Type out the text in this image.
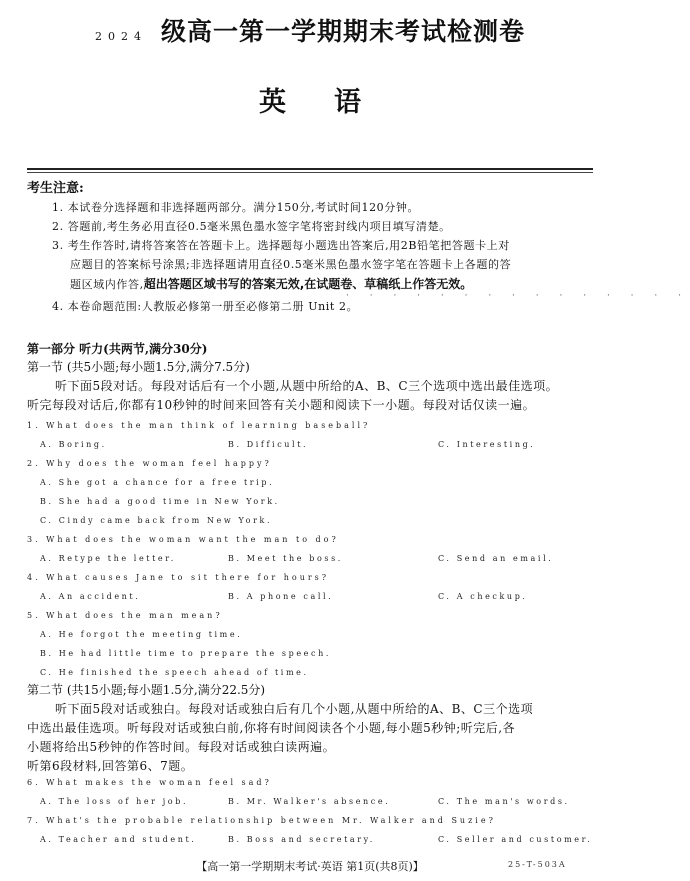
2024 级高一第一学期期末考试检测卷
英语
考生注意:
1. 本试卷分选择题和非选择题两部分。满分150分,考试时间120分钟。
2. 答题前,考生务必用直径0.5毫米黑色墨水签字笔将密封线内项目填写清楚。
3. 考生作答时,请将答案答在答题卡上。选择题每小题选出答案后,用2B铅笔把答题卡上对
应题目的答案标号涂黑;非选择题请用直径0.5毫米黑色墨水签字笔在答题卡上各题的答
题区域内作答,超出答题区域书写的答案无效,在试题卷、草稿纸上作答无效。
4. 本卷命题范围:人教版必修第一册至必修第二册 Unit 2。
· · · · · · · · · · · · · · ·
第一部分 听力(共两节,满分30分)
第一节 (共5小题;每小题1.5分,满分7.5分)
听下面5段对话。每段对话后有一个小题,从题中所给的A、B、C三个选项中选出最佳选项。
听完每段对话后,你都有10秒钟的时间来回答有关小题和阅读下一小题。每段对话仅读一遍。
1. What does the man think of learning baseball?
A. Boring.	B. Difficult.	C. Interesting.
2. Why does the woman feel happy?
A. She got a chance for a free trip.
B. She had a good time in New York.
C. Cindy came back from New York.
3. What does the woman want the man to do?
A. Retype the letter.	B. Meet the boss.	C. Send an email.
4. What causes Jane to sit there for hours?
A. An accident.	B. A phone call.	C. A checkup.
5. What does the man mean?
A. He forgot the meeting time.
B. He had little time to prepare the speech.
C. He finished the speech ahead of time.
第二节 (共15小题;每小题1.5分,满分22.5分)
听下面5段对话或独白。每段对话或独白后有几个小题,从题中所给的A、B、C三个选项
中选出最佳选项。听每段对话或独白前,你将有时间阅读各个小题,每小题5秒钟;听完后,各
小题将给出5秒钟的作答时间。每段对话或独白读两遍。
听第6段材料,回答第6、7题。
6. What makes the woman feel sad?
A. The loss of her job.	B. Mr. Walker's absence.	C. The man's words.
7. What's the probable relationship between Mr. Walker and Suzie?
A. Teacher and student.	B. Boss and secretary.	C. Seller and customer.
【高一第一学期期末考试·英语 第1页(共8页)】	25-T-503A
